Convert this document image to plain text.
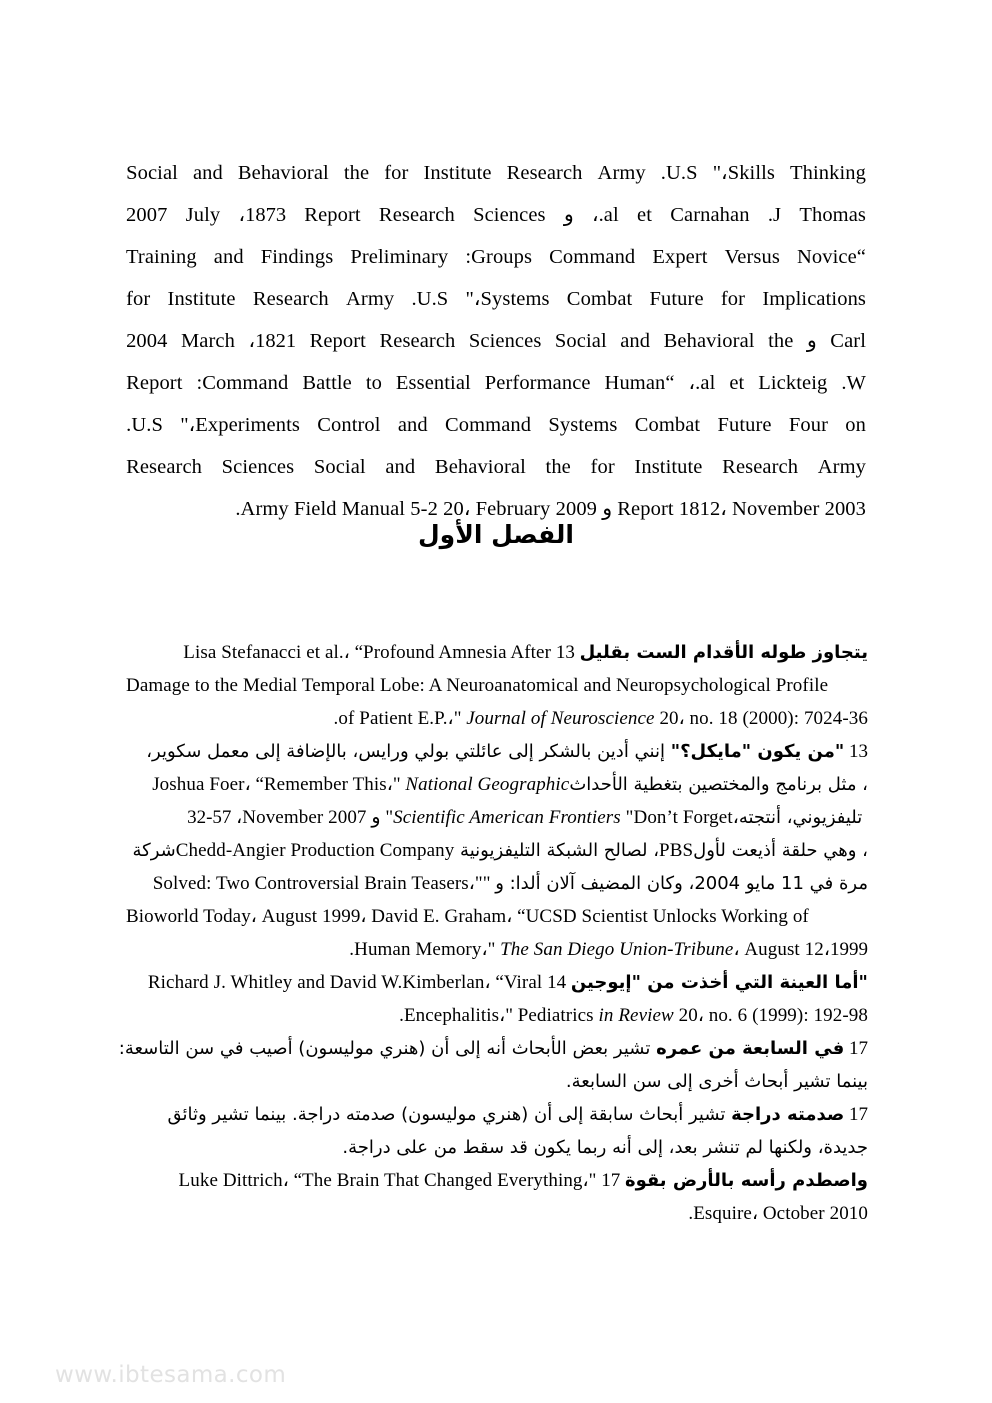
Thinking
Skills،"
U.S.
Army
Research
Institute
for
the
Behavioral
and
Social
Thomas
J.
Carnahan
et
al.،
و
Sciences
Research
Report
1873،
July
2007
“Novice
Versus
Expert
Command
Groups:
Preliminary
Findings
and
Training
Implications
for
Future
Combat
Systems،"
U.S.
Army
Research
Institute
for
Carl
و
the
Behavioral
and
Social
Sciences
Research
Report
1821،
March
2004
W.
Lickteig
et
al.،
“Human
Performance
Essential
to
Battle
Command:
Report
on
Four
Future
Combat
Systems
Command
and
Control
Experiments،"
U.S.
Army
Research
Institute
for
the
Behavioral
and
Social
Sciences
Research
.Army Field Manual 5-2 20، February 2009 و Report 1812، November 2003
الفصل الأول
Lisa Stefanacci et al.، “Profound Amnesia After يتجاوز طوله الأقدام الست بقليل 13
Damage to the Medial Temporal Lobe: A Neuroanatomical and Neuropsychological Profile
.of Patient E.P.،" Journal of Neuroscience 20، no. 18 (2000): 7024-36
13 "من يكون "مايكل؟" إنني أدين بالشكر إلى عائلتي بولي ورايس، بالإضافة إلى معمل سكوير،
Joshua Foer، “Remember This،" National Geographic	، مثل برنامج والمختصين بتغطية الأحداث
32-57 ،November 2007 و "Scientific American Frontiers "Don’t Forget، تليفزيوني، أنتجته
شركة Chedd-Angier Production Company، لصالح الشبكة التليفزيونية PBS، وهي حلقة أذيعت لأول
Solved: Two Controversial Brain Teasers،"" مرة في 11 مايو 2004، وكان المضيف آلان ألدا: و
Bioworld Today، August 1999، David E. Graham، “UCSD Scientist Unlocks Working of
.Human Memory،" The San Diego Union-Tribune، August 12،1999
Richard J. Whitley and David W.Kimberlan، “Viral "أما العينة التي أخذت من "إيوجين 14
.Encephalitis،" Pediatrics in Review 20، no. 6 (1999): 192-98
17 في السابعة من عمره تشير بعض الأبحاث أنه إلى أن (هنري موليسون) أصيب في سن التاسعة:
بينما تشير أبحاث أخرى إلى سن السابعة.
17 صدمته دراجة تشير أبحاث سابقة إلى أن (هنري موليسون) صدمته دراجة. بينما تشير وثائق
جديدة، ولكنها لم تنشر بعد، إلى أنه ربما يكون قد سقط من على دراجة.
Luke Dittrich، “The Brain That Changed Everything،" واصطدم رأسه بالأرض بقوة 17
.Esquire، October 2010
www.ibtesama.com
